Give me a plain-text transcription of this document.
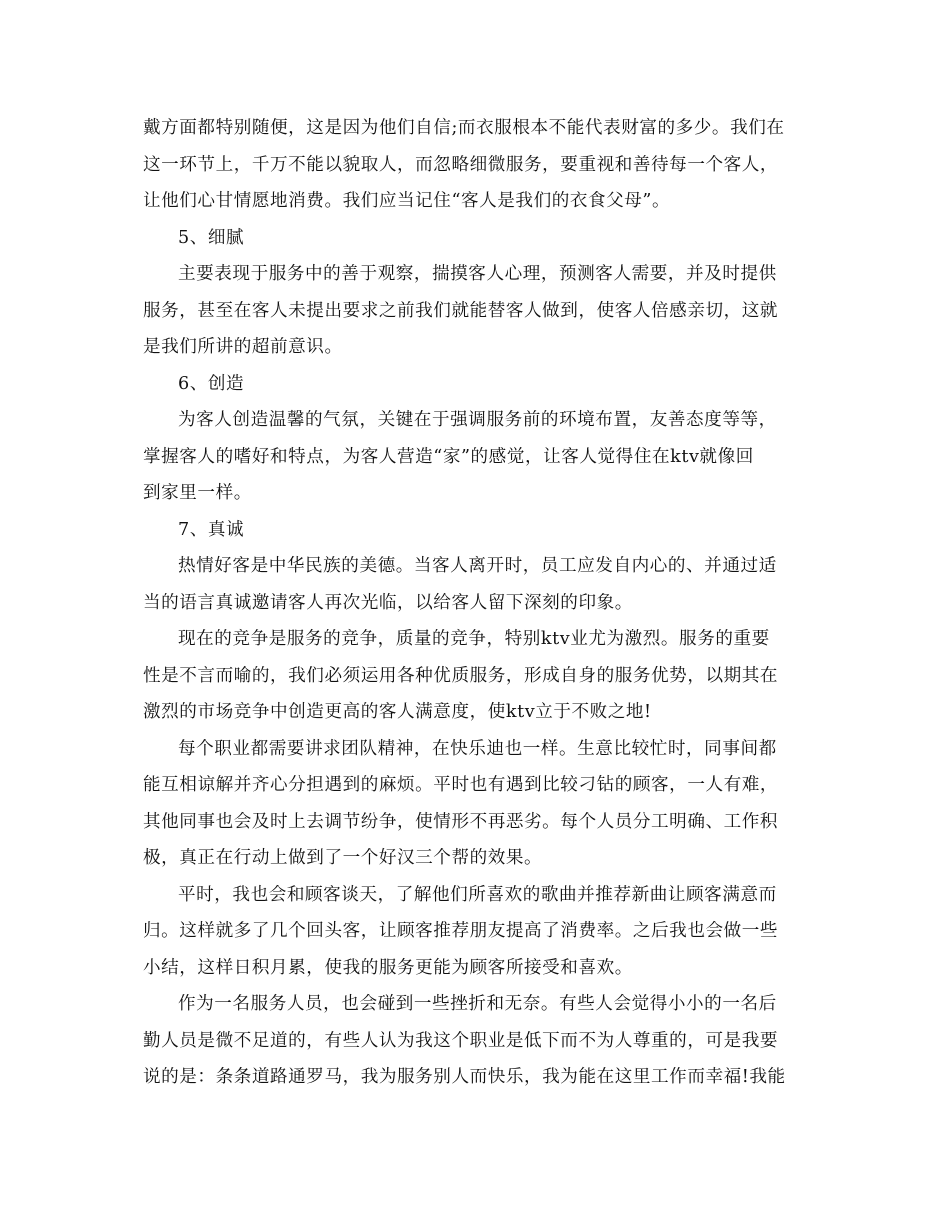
戴方面都特别随便，这是因为他们自信;而衣服根本不能代表财富的多少。我们在
这一环节上，千万不能以貌取人，而忽略细微服务，要重视和善待每一个客人，
让他们心甘情愿地消费。我们应当记住“客人是我们的衣食父母”。
5、细腻
主要表现于服务中的善于观察，揣摸客人心理，预测客人需要，并及时提供
服务，甚至在客人未提出要求之前我们就能替客人做到，使客人倍感亲切，这就
是我们所讲的超前意识。
6、创造
为客人创造温馨的气氛，关键在于强调服务前的环境布置，友善态度等等，
掌握客人的嗜好和特点，为客人营造“家”的感觉，让客人觉得住在ktv就像回
到家里一样。
7、真诚
热情好客是中华民族的美德。当客人离开时，员工应发自内心的、并通过适
当的语言真诚邀请客人再次光临，以给客人留下深刻的印象。
现在的竞争是服务的竞争，质量的竞争，特别ktv业尤为激烈。服务的重要
性是不言而喻的，我们必须运用各种优质服务，形成自身的服务优势，以期其在
激烈的市场竞争中创造更高的客人满意度，使ktv立于不败之地!
每个职业都需要讲求团队精神，在快乐迪也一样。生意比较忙时，同事间都
能互相谅解并齐心分担遇到的麻烦。平时也有遇到比较刁钻的顾客，一人有难，
其他同事也会及时上去调节纷争，使情形不再恶劣。每个人员分工明确、工作积
极，真正在行动上做到了一个好汉三个帮的效果。
平时，我也会和顾客谈天，了解他们所喜欢的歌曲并推荐新曲让顾客满意而
归。这样就多了几个回头客，让顾客推荐朋友提高了消费率。之后我也会做一些
小结，这样日积月累，使我的服务更能为顾客所接受和喜欢。
作为一名服务人员，也会碰到一些挫折和无奈。有些人会觉得小小的一名后
勤人员是微不足道的，有些人认为我这个职业是低下而不为人尊重的，可是我要
说的是：条条道路通罗马，我为服务别人而快乐，我为能在这里工作而幸福!我能
